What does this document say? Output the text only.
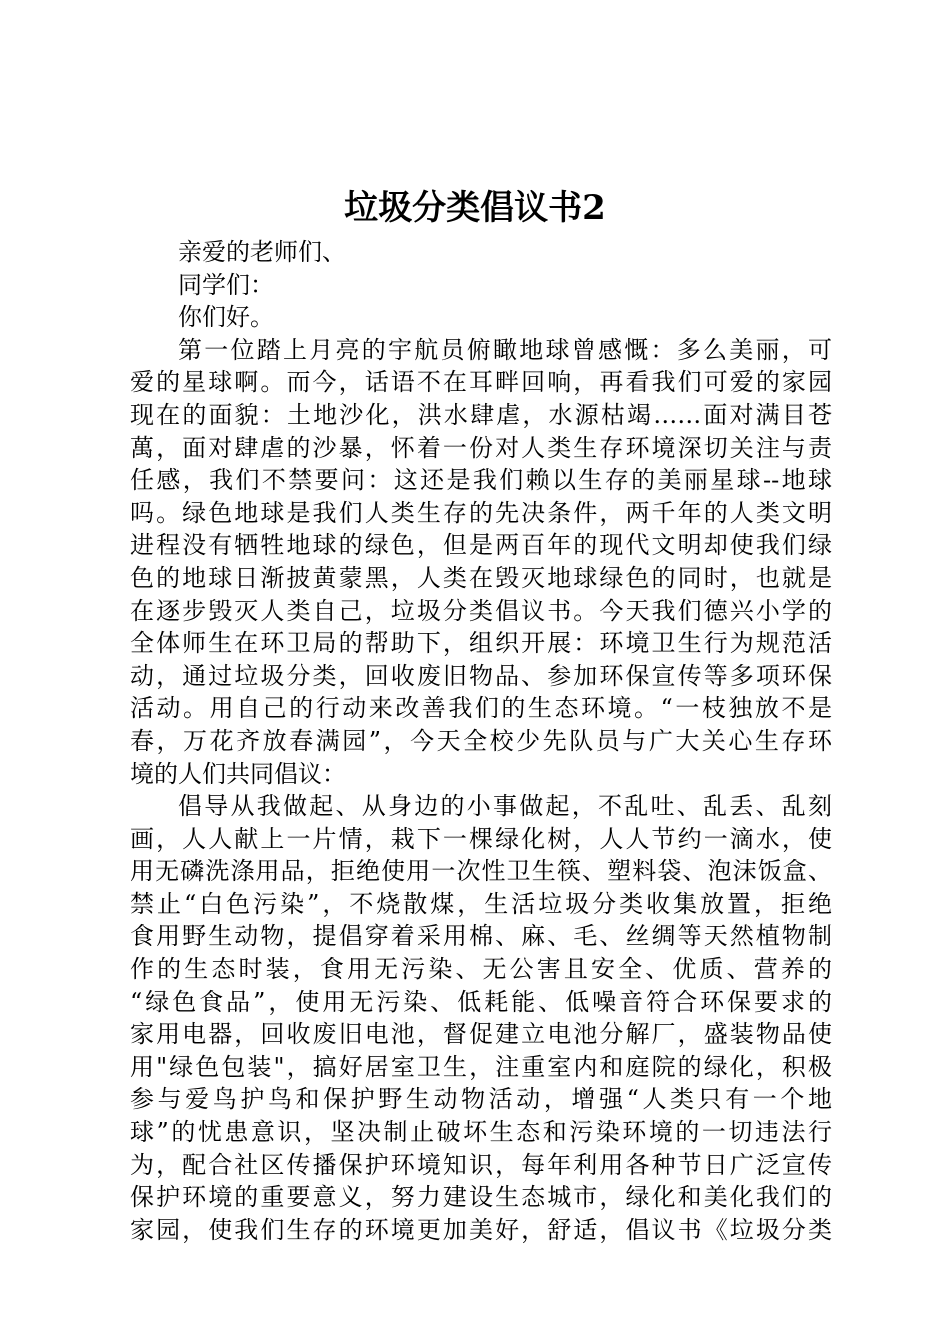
垃圾分类倡议书2

亲爱的老师们、

同学们：

你们好。

第一位踏上月亮的宇航员俯瞰地球曾感慨：多么美丽，可

爱的星球啊。而今，话语不在耳畔回响，再看我们可爱的家园

现在的面貌：土地沙化，洪水肆虐，水源枯竭……面对满目苍

萬，面对肆虐的沙暴，怀着一份对人类生存环境深切关注与责

任感，我们不禁要问：这还是我们赖以生存的美丽星球--地球

吗。绿色地球是我们人类生存的先决条件，两千年的人类文明

进程没有牺牲地球的绿色，但是两百年的现代文明却使我们绿

色的地球日渐披黄蒙黑，人类在毁灭地球绿色的同时，也就是

在逐步毁灭人类自己，垃圾分类倡议书。今天我们德兴小学的

全体师生在环卫局的帮助下，组织开展：环境卫生行为规范活

动，通过垃圾分类，回收废旧物品、参加环保宣传等多项环保

活动。用自己的行动来改善我们的生态环境。“一枝独放不是

春，万花齐放春满园”，今天全校少先队员与广大关心生存环

境的人们共同倡议：

倡导从我做起、从身边的小事做起，不乱吐、乱丢、乱刻

画，人人献上一片情，栽下一棵绿化树，人人节约一滴水，使

用无磷洗涤用品，拒绝使用一次性卫生筷、塑料袋、泡沫饭盒、

禁止“白色污染”，不烧散煤，生活垃圾分类收集放置，拒绝

食用野生动物，提倡穿着采用棉、麻、毛、丝绸等天然植物制

作的生态时装，食用无污染、无公害且安全、优质、营养的

“绿色食品”，使用无污染、低耗能、低噪音符合环保要求的

家用电器，回收废旧电池，督促建立电池分解厂，盛装物品使

用"绿色包装"，搞好居室卫生，注重室内和庭院的绿化，积极

参与爱鸟护鸟和保护野生动物活动，增强“人类只有一个地

球”的忧患意识，坚决制止破坏生态和污染环境的一切违法行

为，配合社区传播保护环境知识，每年利用各种节日广泛宣传

保护环境的重要意义，努力建设生态城市，绿化和美化我们的

家园，使我们生存的环境更加美好，舒适，倡议书《垃圾分类
